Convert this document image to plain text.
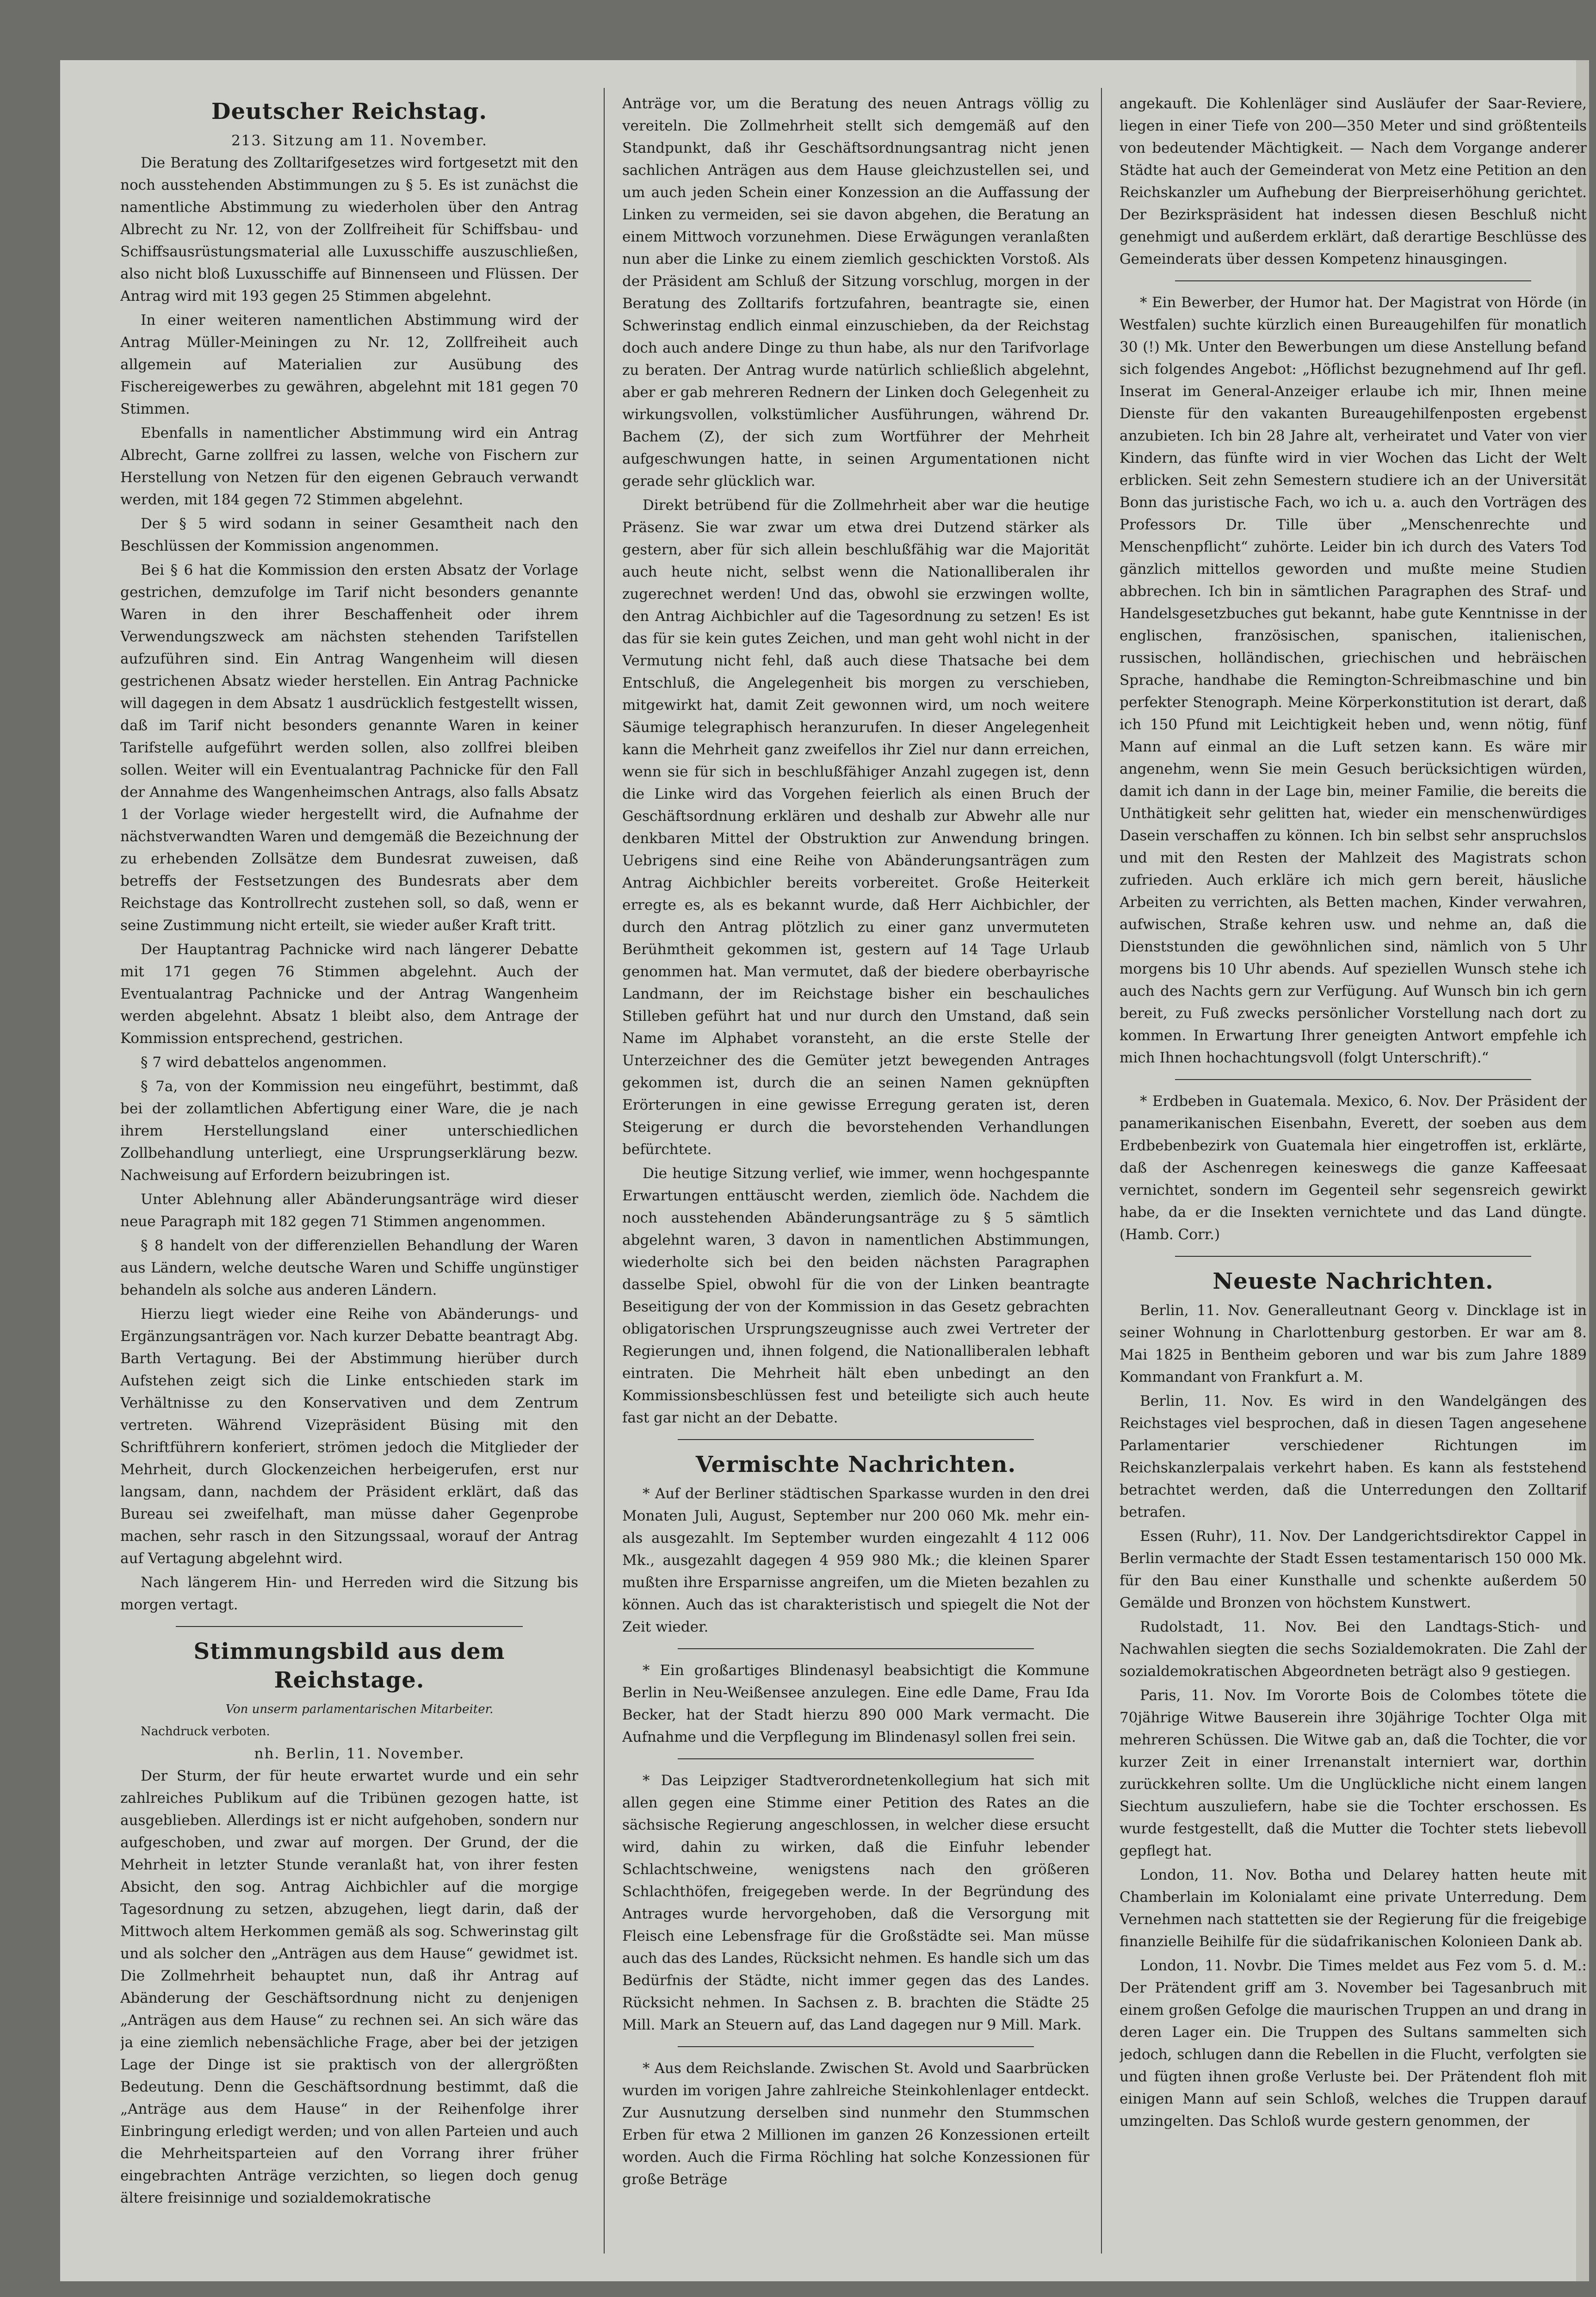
Deutscher Reichstag.

213. Sitzung am 11. November.

Die Beratung des Zolltarifgesetzes wird fortgesetzt mit den noch ausstehenden Abstimmungen zu § 5. Es ist zunächst die namentliche Abstimmung zu wiederholen über den Antrag Albrecht zu Nr. 12, von der Zollfreiheit für Schiffsbau- und Schiffsausrüstungsmaterial alle Luxusschiffe auszuschließen, also nicht bloß Luxusschiffe auf Binnenseen und Flüssen. Der Antrag wird mit 193 gegen 25 Stimmen abgelehnt.

In einer weiteren namentlichen Abstimmung wird der Antrag Müller-Meiningen zu Nr. 12, Zollfreiheit auch allgemein auf Materialien zur Ausübung des Fischereigewerbes zu gewähren, abgelehnt mit 181 gegen 70 Stimmen.

Ebenfalls in namentlicher Abstimmung wird ein Antrag Albrecht, Garne zollfrei zu lassen, welche von Fischern zur Herstellung von Netzen für den eigenen Gebrauch verwandt werden, mit 184 gegen 72 Stimmen abgelehnt.

Der § 5 wird sodann in seiner Gesamtheit nach den Beschlüssen der Kommission angenommen.

Bei § 6 hat die Kommission den ersten Absatz der Vorlage gestrichen, demzufolge im Tarif nicht besonders genannte Waren in den ihrer Beschaffenheit oder ihrem Verwendungszweck am nächsten stehenden Tarifstellen aufzuführen sind. Ein Antrag Wangenheim will diesen gestrichenen Absatz wieder herstellen. Ein Antrag Pachnicke will dagegen in dem Absatz 1 ausdrücklich festgestellt wissen, daß im Tarif nicht besonders genannte Waren in keiner Tarifstelle aufgeführt werden sollen, also zollfrei bleiben sollen. Weiter will ein Eventualantrag Pachnicke für den Fall der Annahme des Wangenheimschen Antrags, also falls Absatz 1 der Vorlage wieder hergestellt wird, die Aufnahme der nächstverwandten Waren und demgemäß die Bezeichnung der zu erhebenden Zollsätze dem Bundesrat zuweisen, daß betreffs der Festsetzungen des Bundesrats aber dem Reichstage das Kontrollrecht zustehen soll, so daß, wenn er seine Zustimmung nicht erteilt, sie wieder außer Kraft tritt.

Der Hauptantrag Pachnicke wird nach längerer Debatte mit 171 gegen 76 Stimmen abgelehnt. Auch der Eventualantrag Pachnicke und der Antrag Wangenheim werden abgelehnt. Absatz 1 bleibt also, dem Antrage der Kommission entsprechend, gestrichen.

§ 7 wird debattelos angenommen.

§ 7a, von der Kommission neu eingeführt, bestimmt, daß bei der zollamtlichen Abfertigung einer Ware, die je nach ihrem Herstellungsland einer unterschiedlichen Zollbehandlung unterliegt, eine Ursprungserklärung bezw. Nachweisung auf Erfordern beizubringen ist.

Unter Ablehnung aller Abänderungsanträge wird dieser neue Paragraph mit 182 gegen 71 Stimmen angenommen.

§ 8 handelt von der differenziellen Behandlung der Waren aus Ländern, welche deutsche Waren und Schiffe ungünstiger behandeln als solche aus anderen Ländern.

Hierzu liegt wieder eine Reihe von Abänderungs- und Ergänzungsanträgen vor. Nach kurzer Debatte beantragt Abg. Barth Vertagung. Bei der Abstimmung hierüber durch Aufstehen zeigt sich die Linke entschieden stark im Verhältnisse zu den Konservativen und dem Zentrum vertreten. Während Vizepräsident Büsing mit den Schriftführern konferiert, strömen jedoch die Mitglieder der Mehrheit, durch Glockenzeichen herbeigerufen, erst nur langsam, dann, nachdem der Präsident erklärt, daß das Bureau sei zweifelhaft, man müsse daher Gegenprobe machen, sehr rasch in den Sitzungssaal, worauf der Antrag auf Vertagung abgelehnt wird.

Nach längerem Hin- und Herreden wird die Sitzung bis morgen vertagt.

Stimmungsbild aus dem Reichstage.

Von unserm parlamentarischen Mitarbeiter.

Nachdruck verboten.

nh. Berlin, 11. November.

Der Sturm, der für heute erwartet wurde und ein sehr zahlreiches Publikum auf die Tribünen gezogen hatte, ist ausgeblieben. Allerdings ist er nicht aufgehoben, sondern nur aufgeschoben, und zwar auf morgen. Der Grund, der die Mehrheit in letzter Stunde veranlaßt hat, von ihrer festen Absicht, den sog. Antrag Aichbichler auf die morgige Tagesordnung zu setzen, abzugehen, liegt darin, daß der Mittwoch altem Herkommen gemäß als sog. Schwerinstag gilt und als solcher den „Anträgen aus dem Hause“ gewidmet ist. Die Zollmehrheit behauptet nun, daß ihr Antrag auf Abänderung der Geschäftsordnung nicht zu denjenigen „Anträgen aus dem Hause“ zu rechnen sei. An sich wäre das ja eine ziemlich nebensächliche Frage, aber bei der jetzigen Lage der Dinge ist sie praktisch von der allergrößten Bedeutung. Denn die Geschäftsordnung bestimmt, daß die „Anträge aus dem Hause“ in der Reihenfolge ihrer Einbringung erledigt werden; und von allen Parteien und auch die Mehrheitsparteien auf den Vorrang ihrer früher eingebrachten Anträge verzichten, so liegen doch genug ältere freisinnige und sozialdemokratische

Anträge vor, um die Beratung des neuen Antrags völlig zu vereiteln. Die Zollmehrheit stellt sich demgemäß auf den Standpunkt, daß ihr Geschäftsordnungsantrag nicht jenen sachlichen Anträgen aus dem Hause gleichzustellen sei, und um auch jeden Schein einer Konzession an die Auffassung der Linken zu vermeiden, sei sie davon abgehen, die Beratung an einem Mittwoch vorzunehmen. Diese Erwägungen veranlaßten nun aber die Linke zu einem ziemlich geschickten Vorstoß. Als der Präsident am Schluß der Sitzung vorschlug, morgen in der Beratung des Zolltarifs fortzufahren, beantragte sie, einen Schwerinstag endlich einmal einzuschieben, da der Reichstag doch auch andere Dinge zu thun habe, als nur den Tarifvorlage zu beraten. Der Antrag wurde natürlich schließlich abgelehnt, aber er gab mehreren Rednern der Linken doch Gelegenheit zu wirkungsvollen, volkstümlicher Ausführungen, während Dr. Bachem (Z), der sich zum Wortführer der Mehrheit aufgeschwungen hatte, in seinen Argumentationen nicht gerade sehr glücklich war.

Direkt betrübend für die Zollmehrheit aber war die heutige Präsenz. Sie war zwar um etwa drei Dutzend stärker als gestern, aber für sich allein beschlußfähig war die Majorität auch heute nicht, selbst wenn die Nationalliberalen ihr zugerechnet werden! Und das, obwohl sie erzwingen wollte, den Antrag Aichbichler auf die Tagesordnung zu setzen! Es ist das für sie kein gutes Zeichen, und man geht wohl nicht in der Vermutung nicht fehl, daß auch diese Thatsache bei dem Entschluß, die Angelegenheit bis morgen zu verschieben, mitgewirkt hat, damit Zeit gewonnen wird, um noch weitere Säumige telegraphisch heranzurufen. In dieser Angelegenheit kann die Mehrheit ganz zweifellos ihr Ziel nur dann erreichen, wenn sie für sich in beschlußfähiger Anzahl zugegen ist, denn die Linke wird das Vorgehen feierlich als einen Bruch der Geschäftsordnung erklären und deshalb zur Abwehr alle nur denkbaren Mittel der Obstruktion zur Anwendung bringen. Uebrigens sind eine Reihe von Abänderungsanträgen zum Antrag Aichbichler bereits vorbereitet. Große Heiterkeit erregte es, als es bekannt wurde, daß Herr Aichbichler, der durch den Antrag plötzlich zu einer ganz unvermuteten Berühmtheit gekommen ist, gestern auf 14 Tage Urlaub genommen hat. Man vermutet, daß der biedere oberbayrische Landmann, der im Reichstage bisher ein beschauliches Stilleben geführt hat und nur durch den Umstand, daß sein Name im Alphabet voransteht, an die erste Stelle der Unterzeichner des die Gemüter jetzt bewegenden Antrages gekommen ist, durch die an seinen Namen geknüpften Erörterungen in eine gewisse Erregung geraten ist, deren Steigerung er durch die bevorstehenden Verhandlungen befürchtete.

Die heutige Sitzung verlief, wie immer, wenn hochgespannte Erwartungen enttäuscht werden, ziemlich öde. Nachdem die noch ausstehenden Abänderungsanträge zu § 5 sämtlich abgelehnt waren, 3 davon in namentlichen Abstimmungen, wiederholte sich bei den beiden nächsten Paragraphen dasselbe Spiel, obwohl für die von der Linken beantragte Beseitigung der von der Kommission in das Gesetz gebrachten obligatorischen Ursprungszeugnisse auch zwei Vertreter der Regierungen und, ihnen folgend, die Nationalliberalen lebhaft eintraten. Die Mehrheit hält eben unbedingt an den Kommissionsbeschlüssen fest und beteiligte sich auch heute fast gar nicht an der Debatte.

Vermischte Nachrichten.

* Auf der Berliner städtischen Sparkasse wurden in den drei Monaten Juli, August, September nur 200 060 Mk. mehr ein- als ausgezahlt. Im September wurden eingezahlt 4 112 006 Mk., ausgezahlt dagegen 4 959 980 Mk.; die kleinen Sparer mußten ihre Ersparnisse angreifen, um die Mieten bezahlen zu können. Auch das ist charakteristisch und spiegelt die Not der Zeit wieder.

* Ein großartiges Blindenasyl beabsichtigt die Kommune Berlin in Neu-Weißensee anzulegen. Eine edle Dame, Frau Ida Becker, hat der Stadt hierzu 890 000 Mark vermacht. Die Aufnahme und die Verpflegung im Blindenasyl sollen frei sein.

* Das Leipziger Stadtverordnetenkollegium hat sich mit allen gegen eine Stimme einer Petition des Rates an die sächsische Regierung angeschlossen, in welcher diese ersucht wird, dahin zu wirken, daß die Einfuhr lebender Schlachtschweine, wenigstens nach den größeren Schlachthöfen, freigegeben werde. In der Begründung des Antrages wurde hervorgehoben, daß die Versorgung mit Fleisch eine Lebensfrage für die Großstädte sei. Man müsse auch das des Landes, Rücksicht nehmen. Es handle sich um das Bedürfnis der Städte, nicht immer gegen das des Landes. Rücksicht nehmen. In Sachsen z. B. brachten die Städte 25 Mill. Mark an Steuern auf, das Land dagegen nur 9 Mill. Mark.

* Aus dem Reichslande. Zwischen St. Avold und Saarbrücken wurden im vorigen Jahre zahlreiche Steinkohlenlager entdeckt. Zur Ausnutzung derselben sind nunmehr den Stummschen Erben für etwa 2 Millionen im ganzen 26 Konzessionen erteilt worden. Auch die Firma Röchling hat solche Konzessionen für große Beträge

angekauft. Die Kohlenläger sind Ausläufer der Saar-Reviere, liegen in einer Tiefe von 200—350 Meter und sind größtenteils von bedeutender Mächtigkeit. — Nach dem Vorgange anderer Städte hat auch der Gemeinderat von Metz eine Petition an den Reichskanzler um Aufhebung der Bierpreiserhöhung gerichtet. Der Bezirkspräsident hat indessen diesen Beschluß nicht genehmigt und außerdem erklärt, daß derartige Beschlüsse des Gemeinderats über dessen Kompetenz hinausgingen.

* Ein Bewerber, der Humor hat. Der Magistrat von Hörde (in Westfalen) suchte kürzlich einen Bureaugehilfen für monatlich 30 (!) Mk. Unter den Bewerbungen um diese Anstellung befand sich folgendes Angebot: „Höflichst bezugnehmend auf Ihr gefl. Inserat im General-Anzeiger erlaube ich mir, Ihnen meine Dienste für den vakanten Bureaugehilfenposten ergebenst anzubieten. Ich bin 28 Jahre alt, verheiratet und Vater von vier Kindern, das fünfte wird in vier Wochen das Licht der Welt erblicken. Seit zehn Semestern studiere ich an der Universität Bonn das juristische Fach, wo ich u. a. auch den Vorträgen des Professors Dr. Tille über „Menschenrechte und Menschenpflicht“ zuhörte. Leider bin ich durch des Vaters Tod gänzlich mittellos geworden und mußte meine Studien abbrechen. Ich bin in sämtlichen Paragraphen des Straf- und Handelsgesetzbuches gut bekannt, habe gute Kenntnisse in der englischen, französischen, spanischen, italienischen, russischen, holländischen, griechischen und hebräischen Sprache, handhabe die Remington-Schreibmaschine und bin perfekter Stenograph. Meine Körperkonstitution ist derart, daß ich 150 Pfund mit Leichtigkeit heben und, wenn nötig, fünf Mann auf einmal an die Luft setzen kann. Es wäre mir angenehm, wenn Sie mein Gesuch berücksichtigen würden, damit ich dann in der Lage bin, meiner Familie, die bereits die Unthätigkeit sehr gelitten hat, wieder ein menschenwürdiges Dasein verschaffen zu können. Ich bin selbst sehr anspruchslos und mit den Resten der Mahlzeit des Magistrats schon zufrieden. Auch erkläre ich mich gern bereit, häusliche Arbeiten zu verrichten, als Betten machen, Kinder verwahren, aufwischen, Straße kehren usw. und nehme an, daß die Dienststunden die gewöhnlichen sind, nämlich von 5 Uhr morgens bis 10 Uhr abends. Auf speziellen Wunsch stehe ich auch des Nachts gern zur Verfügung. Auf Wunsch bin ich gern bereit, zu Fuß zwecks persönlicher Vorstellung nach dort zu kommen. In Erwartung Ihrer geneigten Antwort empfehle ich mich Ihnen hochachtungsvoll (folgt Unterschrift).“

* Erdbeben in Guatemala. Mexico, 6. Nov. Der Präsident der panamerikanischen Eisenbahn, Everett, der soeben aus dem Erdbebenbezirk von Guatemala hier eingetroffen ist, erklärte, daß der Aschenregen keineswegs die ganze Kaffeesaat vernichtet, sondern im Gegenteil sehr segensreich gewirkt habe, da er die Insekten vernichtete und das Land düngte. (Hamb. Corr.)

Neueste Nachrichten.

Berlin, 11. Nov. Generalleutnant Georg v. Dincklage ist in seiner Wohnung in Charlottenburg gestorben. Er war am 8. Mai 1825 in Bentheim geboren und war bis zum Jahre 1889 Kommandant von Frankfurt a. M.

Berlin, 11. Nov. Es wird in den Wandelgängen des Reichstages viel besprochen, daß in diesen Tagen angesehene Parlamentarier verschiedener Richtungen im Reichskanzlerpalais verkehrt haben. Es kann als feststehend betrachtet werden, daß die Unterredungen den Zolltarif betrafen.

Essen (Ruhr), 11. Nov. Der Landgerichtsdirektor Cappel in Berlin vermachte der Stadt Essen testamentarisch 150 000 Mk. für den Bau einer Kunsthalle und schenkte außerdem 50 Gemälde und Bronzen von höchstem Kunstwert.

Rudolstadt, 11. Nov. Bei den Landtags-Stich- und Nachwahlen siegten die sechs Sozialdemokraten. Die Zahl der sozialdemokratischen Abgeordneten beträgt also 9 gestiegen.

Paris, 11. Nov. Im Vororte Bois de Colombes tötete die 70jährige Witwe Bauserein ihre 30jährige Tochter Olga mit mehreren Schüssen. Die Witwe gab an, daß die Tochter, die vor kurzer Zeit in einer Irrenanstalt interniert war, dorthin zurückkehren sollte. Um die Unglückliche nicht einem langen Siechtum auszuliefern, habe sie die Tochter erschossen. Es wurde festgestellt, daß die Mutter die Tochter stets liebevoll gepflegt hat.

London, 11. Nov. Botha und Delarey hatten heute mit Chamberlain im Kolonialamt eine private Unterredung. Dem Vernehmen nach stattetten sie der Regierung für die freigebige finanzielle Beihilfe für die südafrikanischen Kolonieen Dank ab.

London, 11. Novbr. Die Times meldet aus Fez vom 5. d. M.: Der Prätendent griff am 3. November bei Tagesanbruch mit einem großen Gefolge die maurischen Truppen an und drang in deren Lager ein. Die Truppen des Sultans sammelten sich jedoch, schlugen dann die Rebellen in die Flucht, verfolgten sie und fügten ihnen große Verluste bei. Der Prätendent floh mit einigen Mann auf sein Schloß, welches die Truppen darauf umzingelten. Das Schloß wurde gestern genommen, der
